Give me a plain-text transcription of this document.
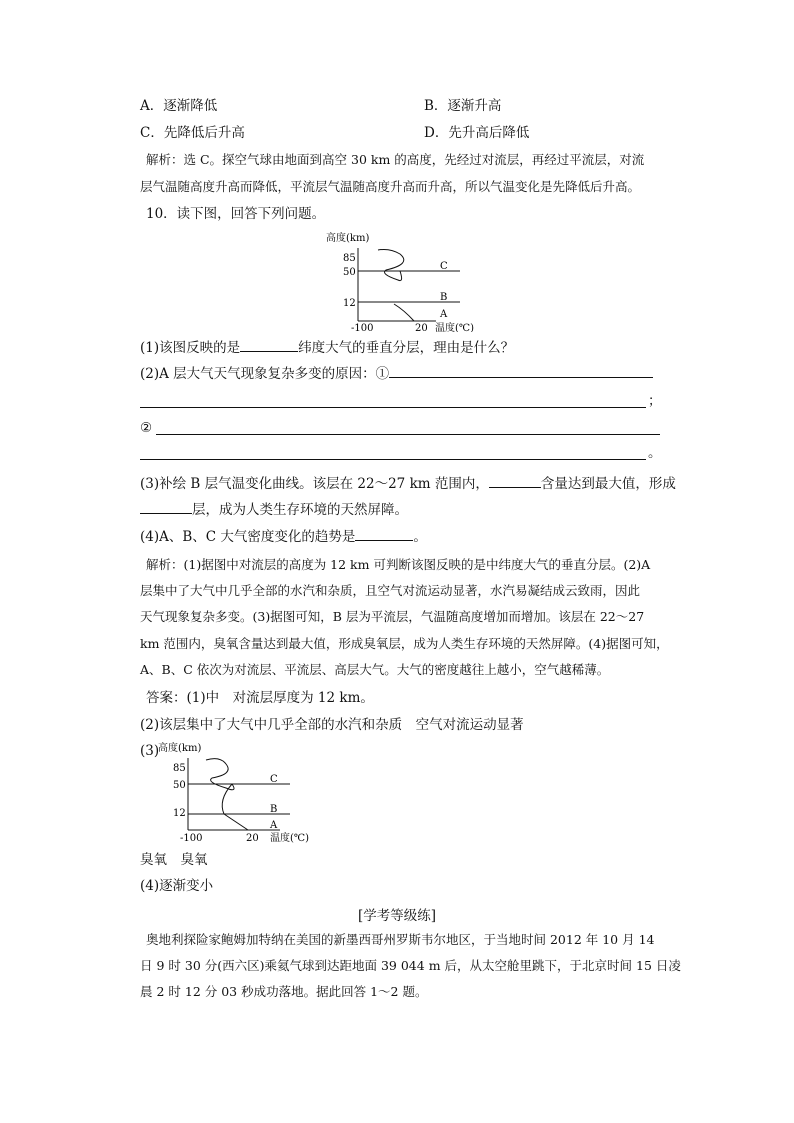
A．逐渐降低	B．逐渐升高
C．先降低后升高	D．先升高后降低
解析：选 C。探空气球由地面到高空 30 km 的高度，先经过对流层，再经过平流层，对流
层气温随高度升高而降低，平流层气温随高度升高而升高，所以气温变化是先降低后升高。
10．读下图，回答下列问题。
高度(km)
85
50
12
C
B
A
-100	20 温度(℃)
(1)该图反映的是	纬度大气的垂直分层，理由是什么？
(2)A 层大气天气现象复杂多变的原因：①
；
②
。
(3)补绘 B 层气温变化曲线。该层在 22～27 km 范围内，	含量达到最大值，形成
层，成为人类生存环境的天然屏障。
(4)A、B、C 大气密度变化的趋势是	。
解析：(1)据图中对流层的高度为 12 km 可判断该图反映的是中纬度大气的垂直分层。(2)A
层集中了大气中几乎全部的水汽和杂质，且空气对流运动显著，水汽易凝结成云致雨，因此
天气现象复杂多变。(3)据图可知，B 层为平流层，气温随高度增加而增加。该层在 22～27
km 范围内，臭氧含量达到最大值，形成臭氧层，成为人类生存环境的天然屏障。(4)据图可知，
A、B、C 依次为对流层、平流层、高层大气。大气的密度越往上越小，空气越稀薄。
答案：(1)中　对流层厚度为 12 km。
(2)该层集中了大气中几乎全部的水汽和杂质　空气对流运动显著
(3)
高度(km)
85
50
12
C
B
A
-100	20 温度(℃)
臭氧　臭氧
(4)逐渐变小
[学考等级练]
奥地利探险家鲍姆加特纳在美国的新墨西哥州罗斯韦尔地区，于当地时间 2012 年 10 月 14
日 9 时 30 分(西六区)乘氦气球到达距地面 39 044 m 后，从太空舱里跳下，于北京时间 15 日凌
晨 2 时 12 分 03 秒成功落地。据此回答 1～2 题。
